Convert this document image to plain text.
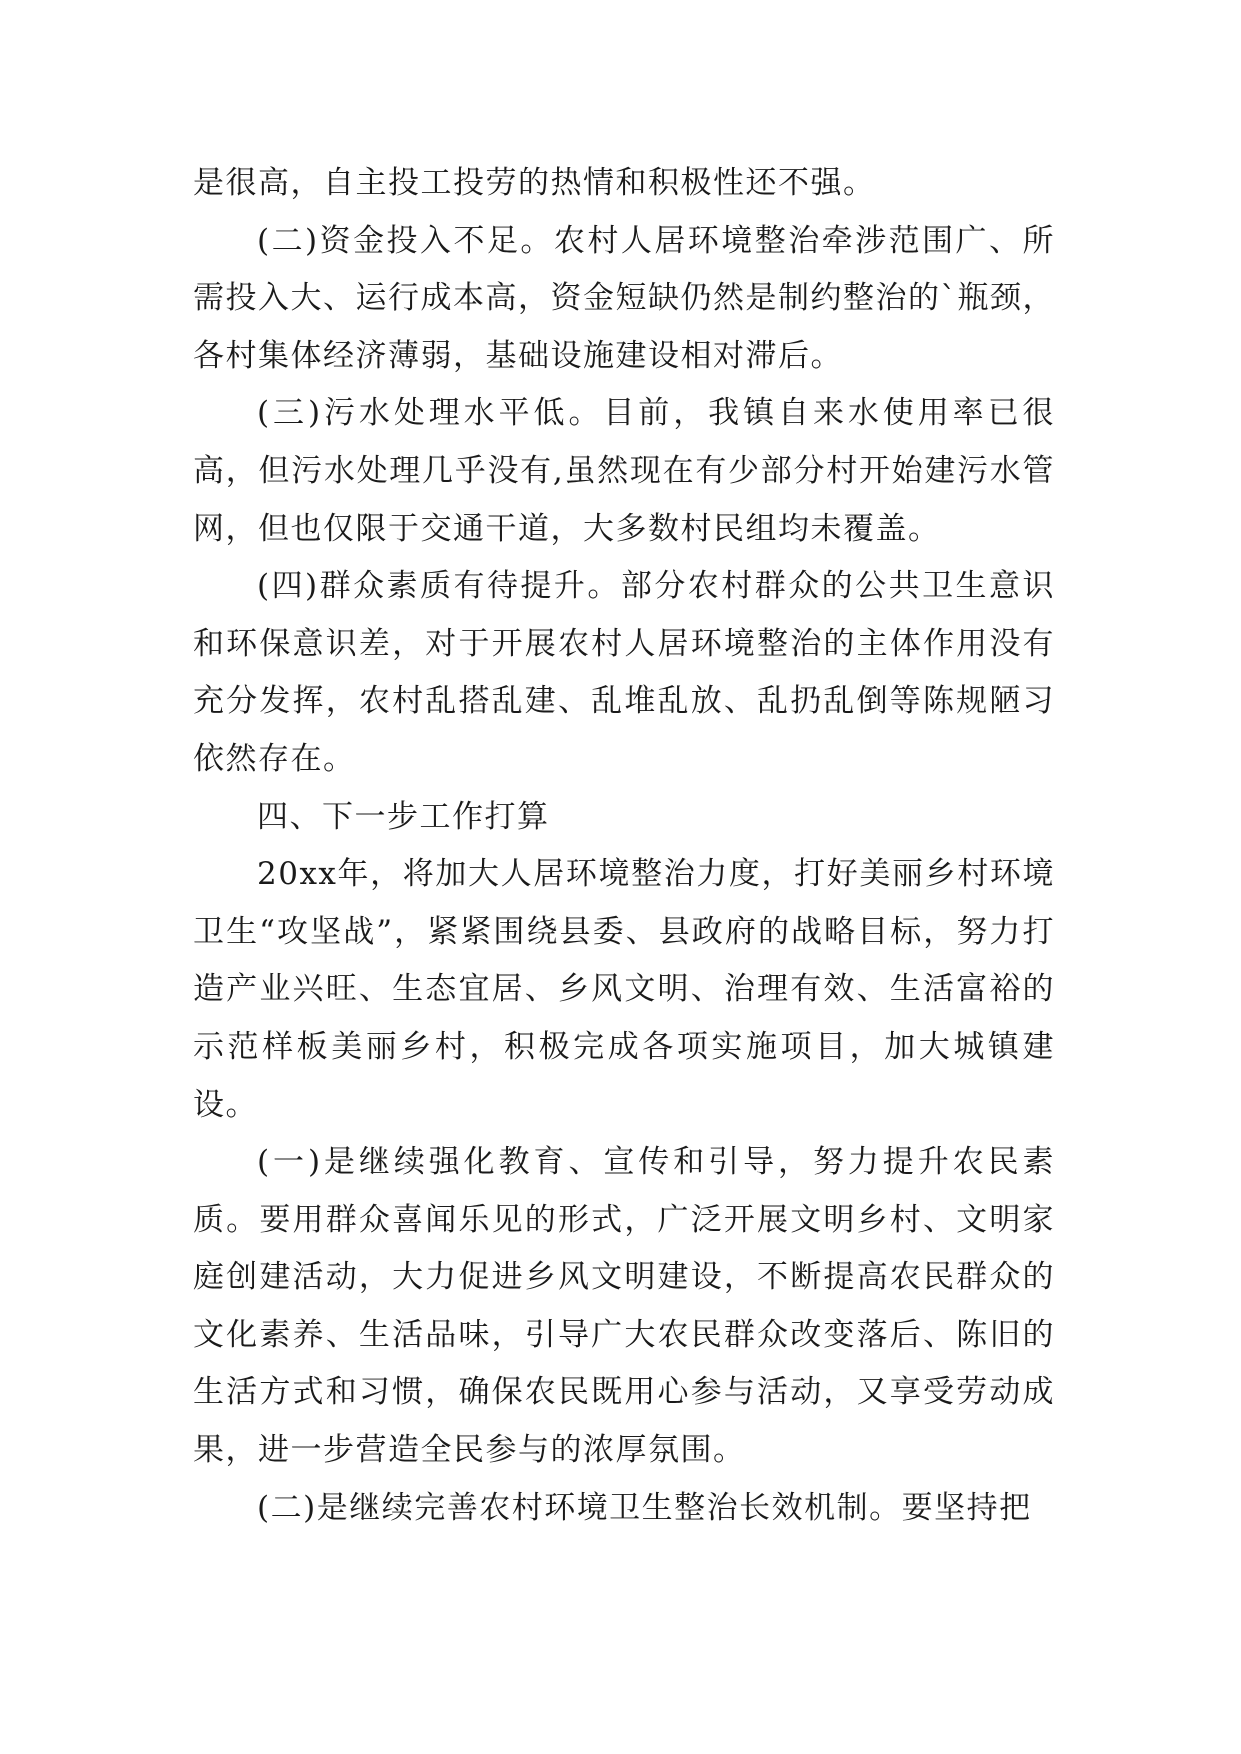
是很高，自主投工投劳的热情和积极性还不强。

(二)资金投入不足。农村人居环境整治牵涉范围广、所需投入大、运行成本高，资金短缺仍然是制约整治的`瓶颈，各村集体经济薄弱，基础设施建设相对滞后。

(三)污水处理水平低。目前，我镇自来水使用率已很高，但污水处理几乎没有,虽然现在有少部分村开始建污水管网，但也仅限于交通干道，大多数村民组均未覆盖。

(四)群众素质有待提升。部分农村群众的公共卫生意识和环保意识差，对于开展农村人居环境整治的主体作用没有充分发挥，农村乱搭乱建、乱堆乱放、乱扔乱倒等陈规陋习依然存在。

四、下一步工作打算

20xx年，将加大人居环境整治力度，打好美丽乡村环境卫生“攻坚战”，紧紧围绕县委、县政府的战略目标，努力打造产业兴旺、生态宜居、乡风文明、治理有效、生活富裕的示范样板美丽乡村，积极完成各项实施项目，加大城镇建设。

(一)是继续强化教育、宣传和引导，努力提升农民素质。要用群众喜闻乐见的形式，广泛开展文明乡村、文明家庭创建活动，大力促进乡风文明建设，不断提高农民群众的文化素养、生活品味，引导广大农民群众改变落后、陈旧的生活方式和习惯，确保农民既用心参与活动，又享受劳动成果，进一步营造全民参与的浓厚氛围。

(二)是继续完善农村环境卫生整治长效机制。要坚持把
